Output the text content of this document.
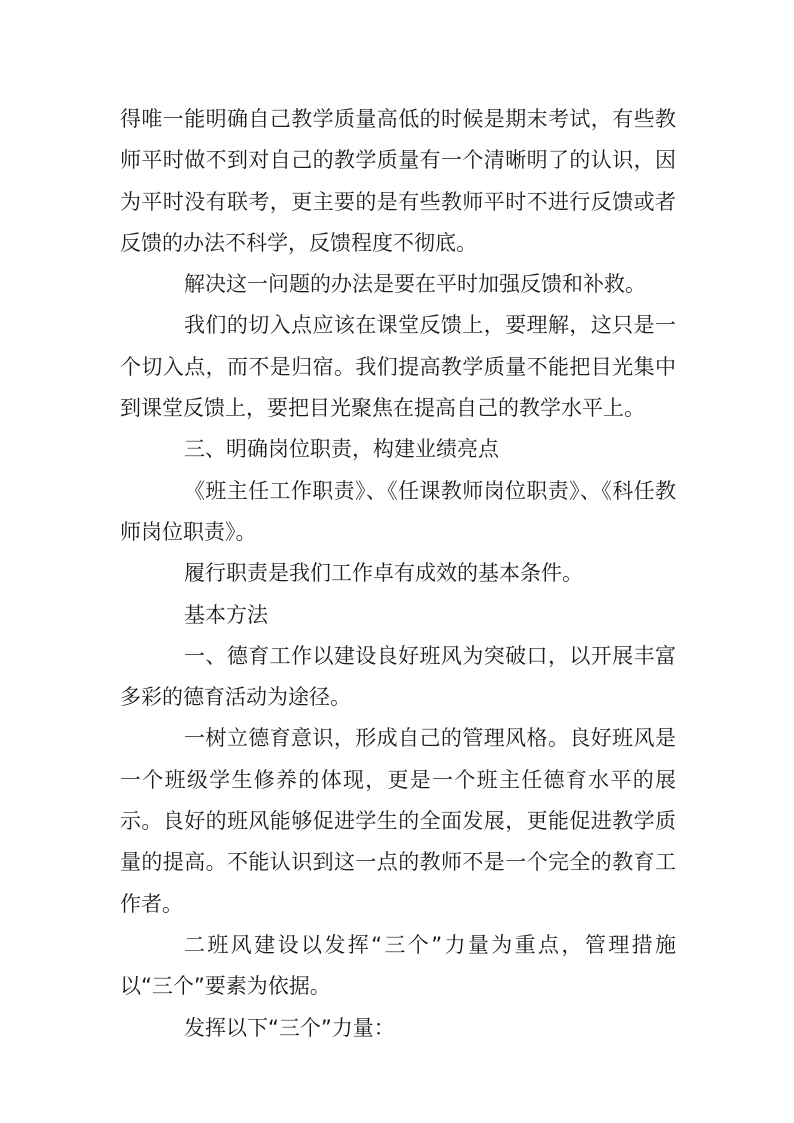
得唯一能明确自己教学质量高低的时候是期末考试，有些教师平时做不到对自己的教学质量有一个清晰明了的认识，因为平时没有联考，更主要的是有些教师平时不进行反馈或者反馈的办法不科学，反馈程度不彻底。

解决这一问题的办法是要在平时加强反馈和补救。

我们的切入点应该在课堂反馈上，要理解，这只是一个切入点，而不是归宿。我们提高教学质量不能把目光集中到课堂反馈上，要把目光聚焦在提高自己的教学水平上。

三、明确岗位职责，构建业绩亮点

《班主任工作职责》、《任课教师岗位职责》、《科任教师岗位职责》。

履行职责是我们工作卓有成效的基本条件。

基本方法

一、德育工作以建设良好班风为突破口，以开展丰富多彩的德育活动为途径。

一树立德育意识，形成自己的管理风格。良好班风是一个班级学生修养的体现，更是一个班主任德育水平的展示。良好的班风能够促进学生的全面发展，更能促进教学质量的提高。不能认识到这一点的教师不是一个完全的教育工作者。

二班风建设以发挥“三个”力量为重点，管理措施以“三个”要素为依据。

发挥以下“三个”力量：
